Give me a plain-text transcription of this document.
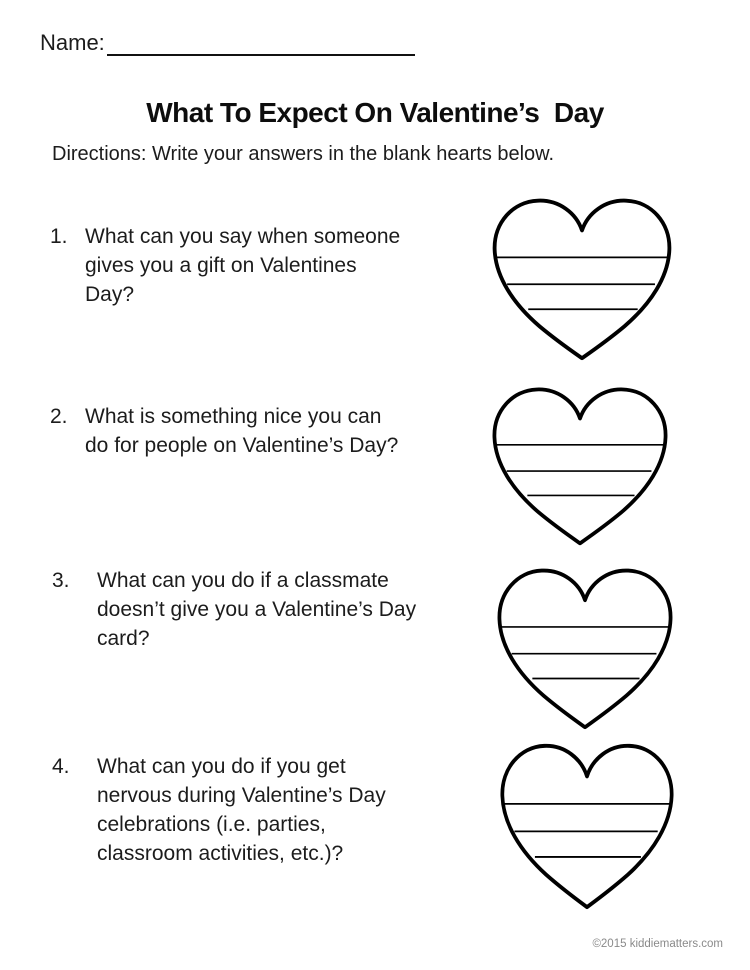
Name:
What To Expect On Valentine’s  Day
Directions: Write your answers in the blank hearts below.
1. What can you say when someone gives you a gift on Valentines Day?
2. What is something nice you can do for people on Valentine’s Day?
3.	What can you do if a classmate doesn’t give you a Valentine’s Day card?
4.	What can you do if you get nervous during Valentine’s Day celebrations (i.e. parties, classroom activities, etc.)?
©2015 kiddiematters.com
